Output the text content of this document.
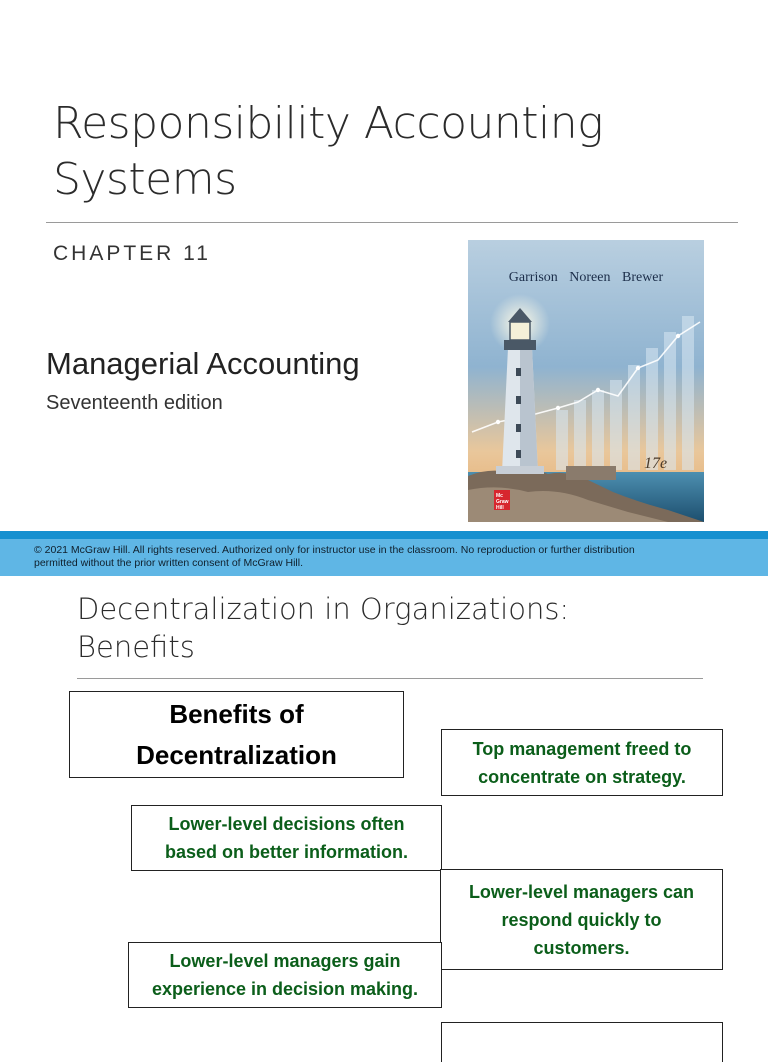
Responsibility Accounting
Systems
CHAPTER 11
Managerial Accounting
Seventeenth edition
17e
Mc
Graw
Hill
Garrison Noreen Brewer
© 2021 McGraw Hill. All rights reserved. Authorized only for instructor use in the classroom. No reproduction or further distribution
permitted without the prior written consent of McGraw Hill.
Decentralization in Organizations:
Benefits
Benefits of
Decentralization	Top management freed to
concentrate on strategy.
Lower-level decisions often
based on better information.
Lower-level managers can
respond quickly to
customers.
Lower-level managers gain
experience in decision making.
